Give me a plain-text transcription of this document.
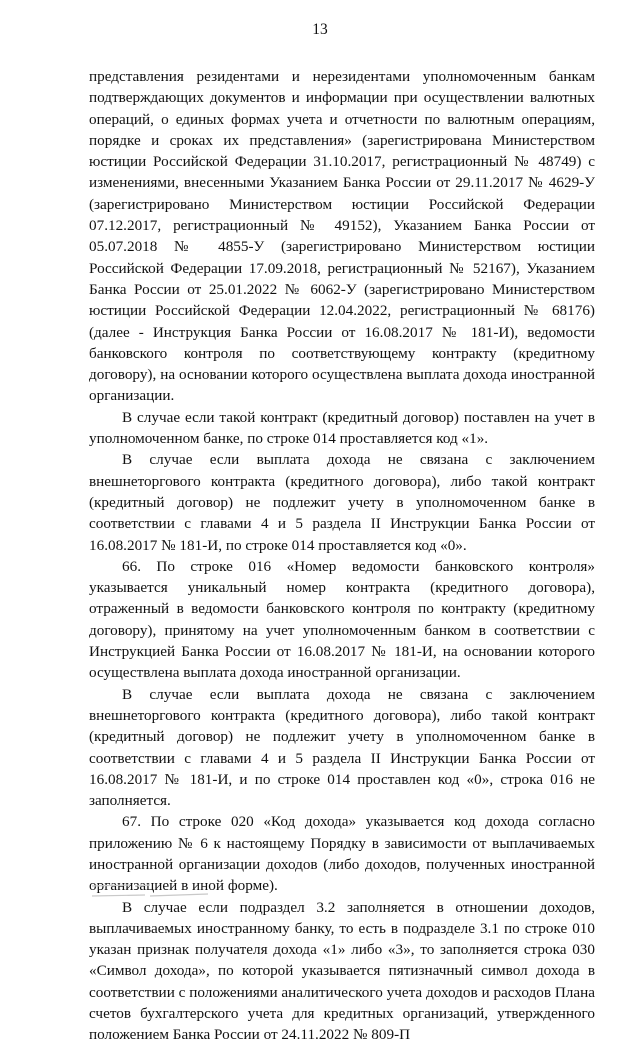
13

представления резидентами и нерезидентами уполномоченным банкам подтверждающих документов и информации при осуществлении валютных операций, о единых формах учета и отчетности по валютным операциям, порядке и сроках их представления» (зарегистрирована Министерством юстиции Российской Федерации 31.10.2017, регистрационный № 48749) с изменениями, внесенными Указанием Банка России от 29.11.2017 № 4629-У (зарегистрировано Министерством юстиции Российской Федерации 07.12.2017, регистрационный № 49152), Указанием Банка России от 05.07.2018 № 4855-У (зарегистрировано Министерством юстиции Российской Федерации 17.09.2018, регистрационный № 52167), Указанием Банка России от 25.01.2022 № 6062-У (зарегистрировано Министерством юстиции Российской Федерации 12.04.2022, регистрационный № 68176) (далее - Инструкция Банка России от 16.08.2017 № 181-И), ведомости банковского контроля по соответствующему контракту (кредитному договору), на основании которого осуществлена выплата дохода иностранной организации.

В случае если такой контракт (кредитный договор) поставлен на учет в уполномоченном банке, по строке 014 проставляется код «1».

В случае если выплата дохода не связана с заключением внешнеторгового контракта (кредитного договора), либо такой контракт (кредитный договор) не подлежит учету в уполномоченном банке в соответствии с главами 4 и 5 раздела II Инструкции Банка России от 16.08.2017 № 181-И, по строке 014 проставляется код «0».

66. По строке 016 «Номер ведомости банковского контроля» указывается уникальный номер контракта (кредитного договора), отраженный в ведомости банковского контроля по контракту (кредитному договору), принятому на учет уполномоченным банком в соответствии с Инструкцией Банка России от 16.08.2017 № 181-И, на основании которого осуществлена выплата дохода иностранной организации.

В случае если выплата дохода не связана с заключением внешнеторгового контракта (кредитного договора), либо такой контракт (кредитный договор) не подлежит учету в уполномоченном банке в соответствии с главами 4 и 5 раздела II Инструкции Банка России от 16.08.2017 № 181-И, и по строке 014 проставлен код «0», строка 016 не заполняется.

67. По строке 020 «Код дохода» указывается код дохода согласно приложению № 6 к настоящему Порядку в зависимости от выплачиваемых иностранной организации доходов (либо доходов, полученных иностранной организацией в иной форме).

В случае если подраздел 3.2 заполняется в отношении доходов, выплачиваемых иностранному банку, то есть в подразделе 3.1 по строке 010 указан признак получателя дохода «1» либо «3», то заполняется строка 030 «Символ дохода», по которой указывается пятизначный символ дохода в соответствии с положениями аналитического учета доходов и расходов Плана счетов бухгалтерского учета для кредитных организаций, утвержденного положением Банка России от 24.11.2022 № 809-П
